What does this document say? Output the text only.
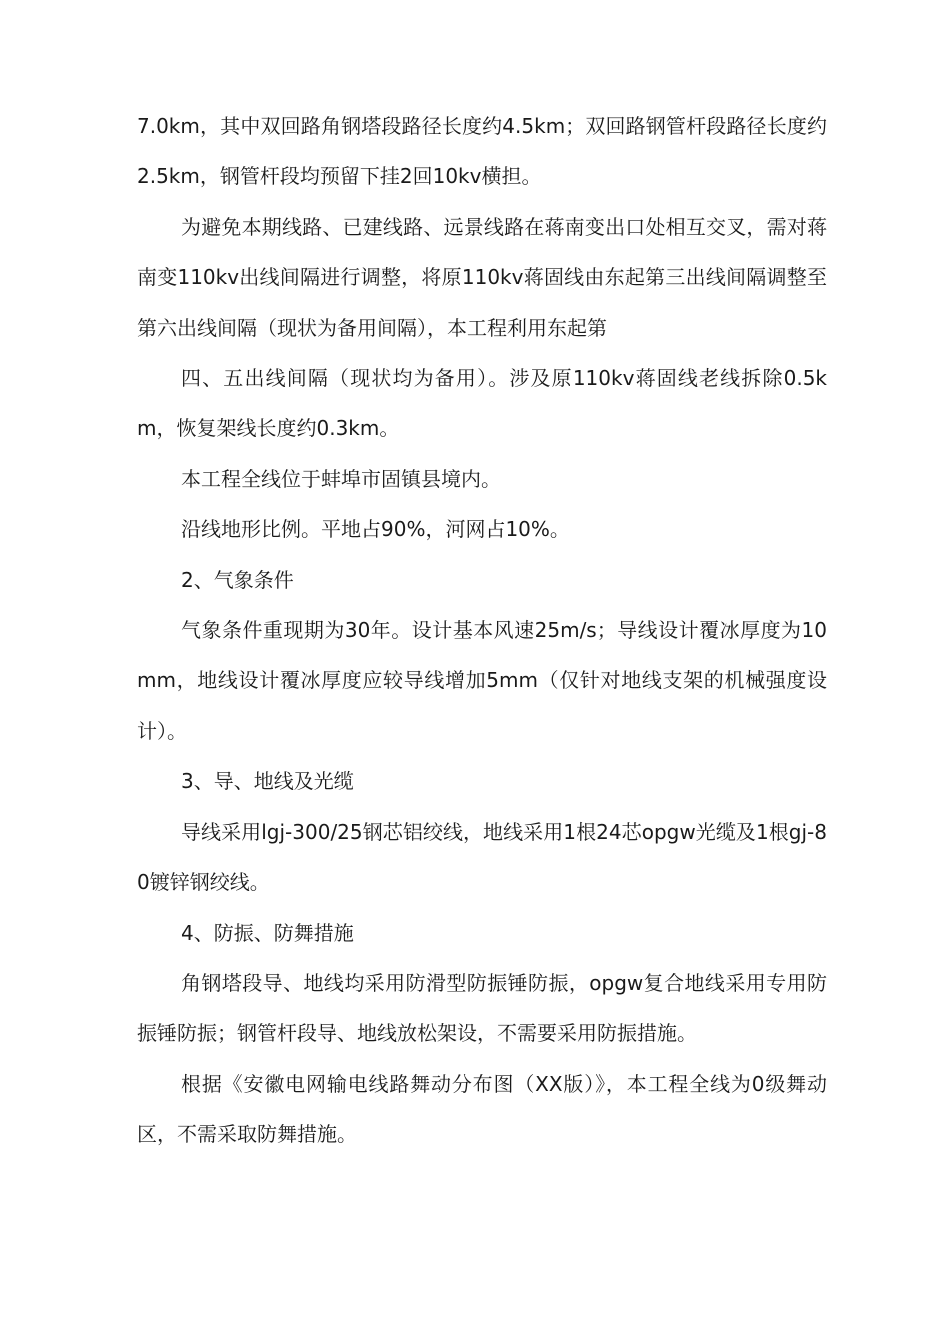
7.0km，其中双回路角钢塔段路径长度约4.5km；双回路钢管杆段路径长度约2.5km，钢管杆段均预留下挂2回10kv横担。

为避免本期线路、已建线路、远景线路在蒋南变出口处相互交叉，需对蒋南变110kv出线间隔进行调整，将原110kv蒋固线由东起第三出线间隔调整至第六出线间隔（现状为备用间隔），本工程利用东起第

四、五出线间隔（现状均为备用）。涉及原110kv蒋固线老线拆除0.5km，恢复架线长度约0.3km。

本工程全线位于蚌埠市固镇县境内。

沿线地形比例。平地占90%，河网占10%。

2、气象条件

气象条件重现期为30年。设计基本风速25m/s；导线设计覆冰厚度为10mm，地线设计覆冰厚度应较导线增加5mm（仅针对地线支架的机械强度设计）。

3、导、地线及光缆

导线采用lgj-300/25钢芯铝绞线，地线采用1根24芯opgw光缆及1根gj-80镀锌钢绞线。

4、防振、防舞措施

角钢塔段导、地线均采用防滑型防振锤防振，opgw复合地线采用专用防振锤防振；钢管杆段导、地线放松架设，不需要采用防振措施。

根据《安徽电网输电线路舞动分布图（XX版）》，本工程全线为0级舞动区，不需采取防舞措施。
